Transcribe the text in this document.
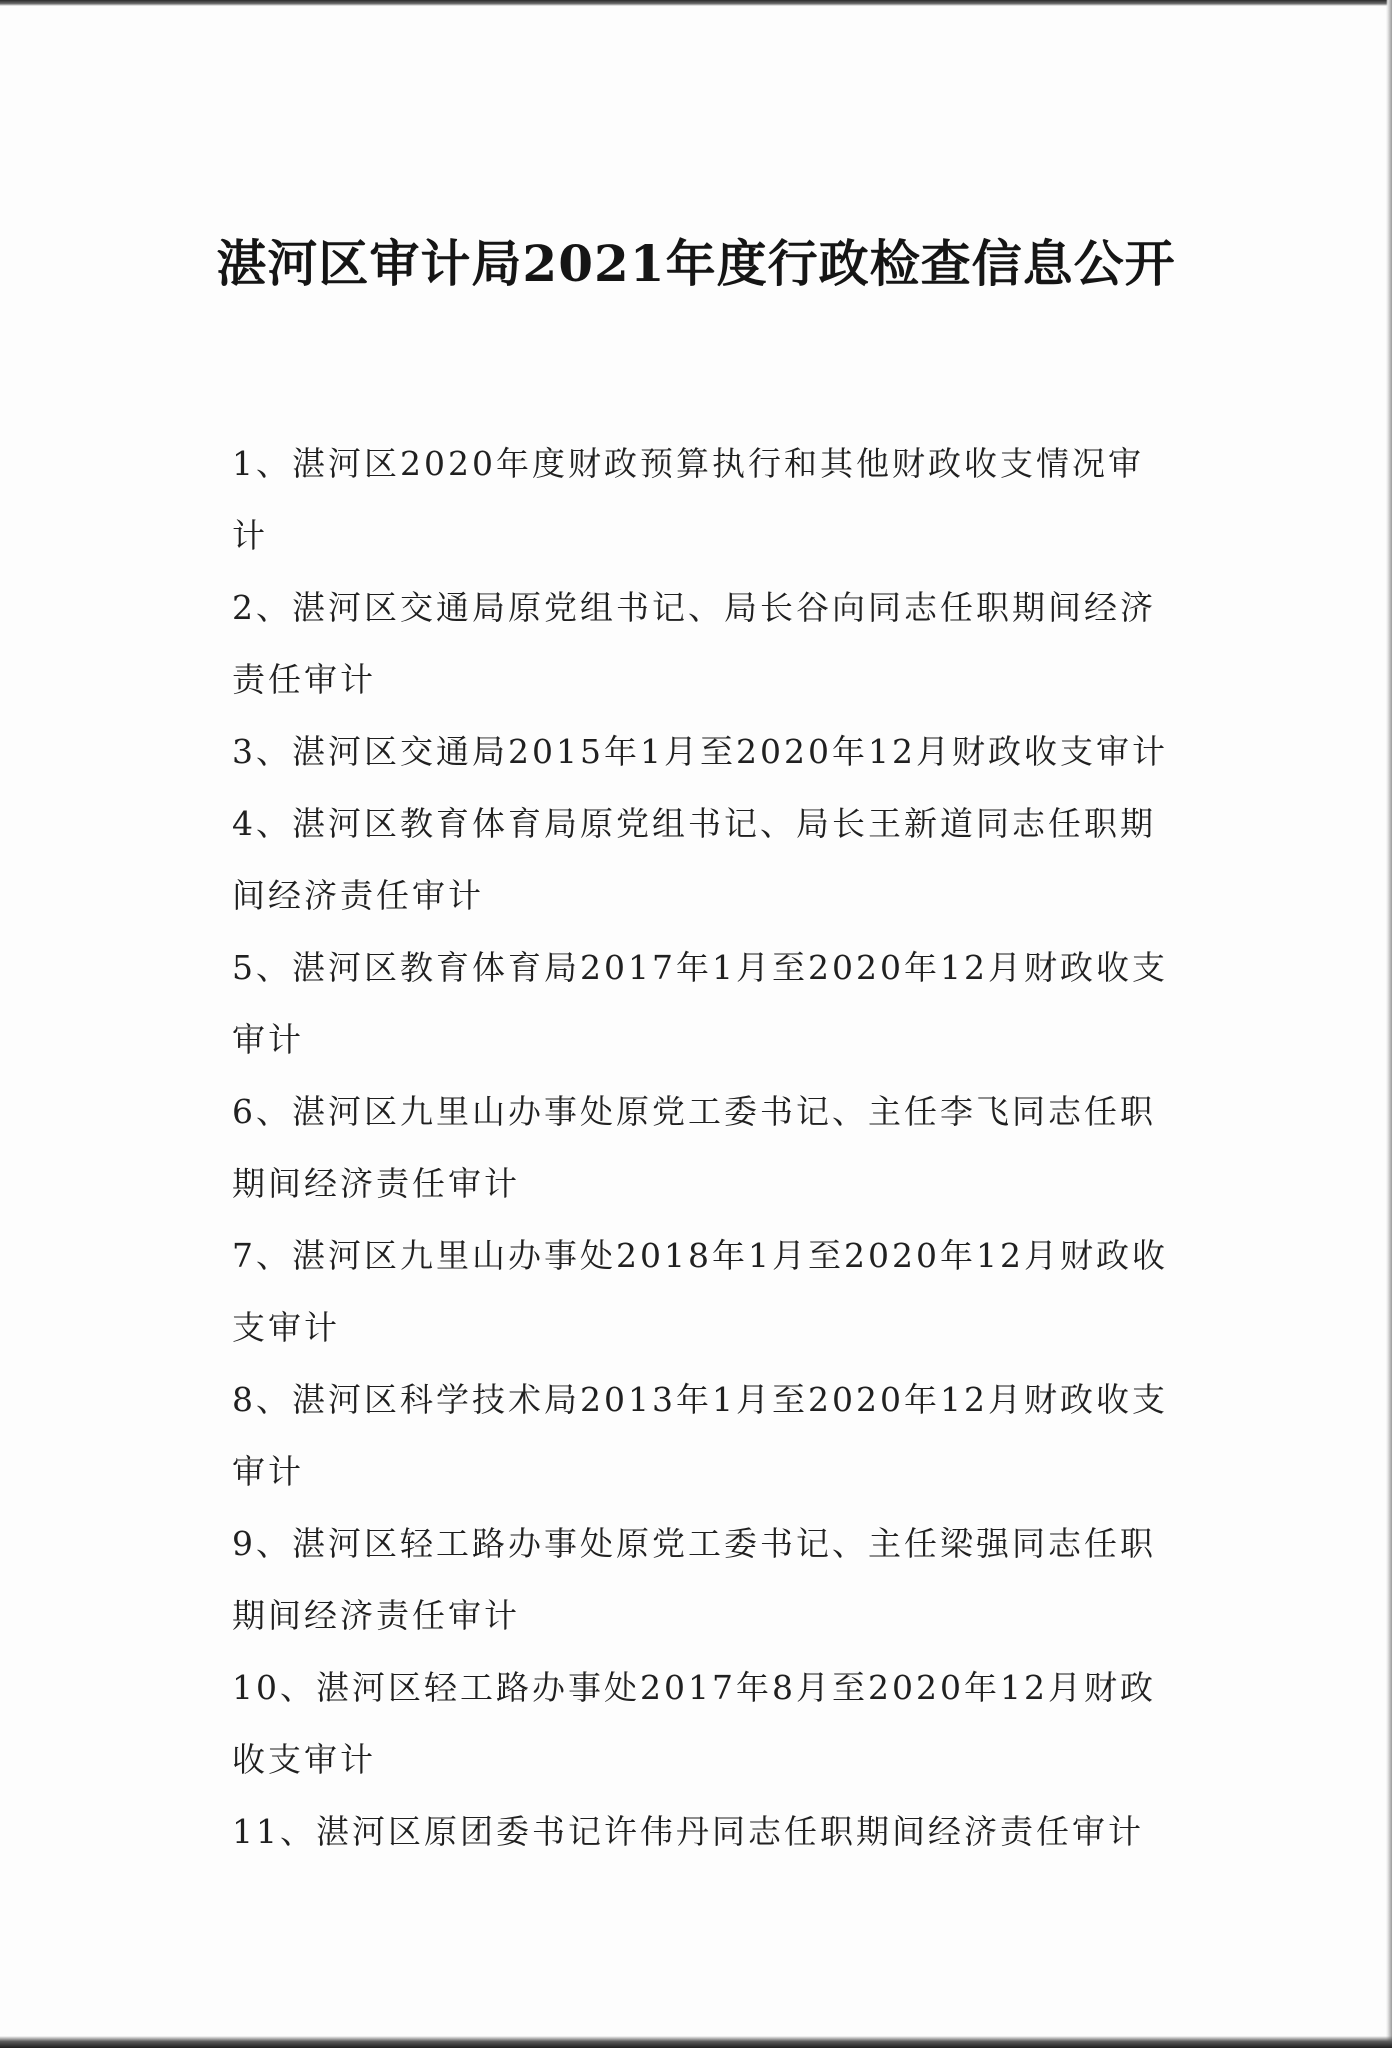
湛河区审计局2021年度行政检查信息公开
1、湛河区2020年度财政预算执行和其他财政收支情况审计
2、湛河区交通局原党组书记、局长谷向同志任职期间经济责任审计
3、湛河区交通局2015年1月至2020年12月财政收支审计
4、湛河区教育体育局原党组书记、局长王新道同志任职期间经济责任审计
5、湛河区教育体育局2017年1月至2020年12月财政收支审计
6、湛河区九里山办事处原党工委书记、主任李飞同志任职期间经济责任审计
7、湛河区九里山办事处2018年1月至2020年12月财政收支审计
8、湛河区科学技术局2013年1月至2020年12月财政收支审计
9、湛河区轻工路办事处原党工委书记、主任梁强同志任职期间经济责任审计
10、湛河区轻工路办事处2017年8月至2020年12月财政收支审计
11、湛河区原团委书记许伟丹同志任职期间经济责任审计
